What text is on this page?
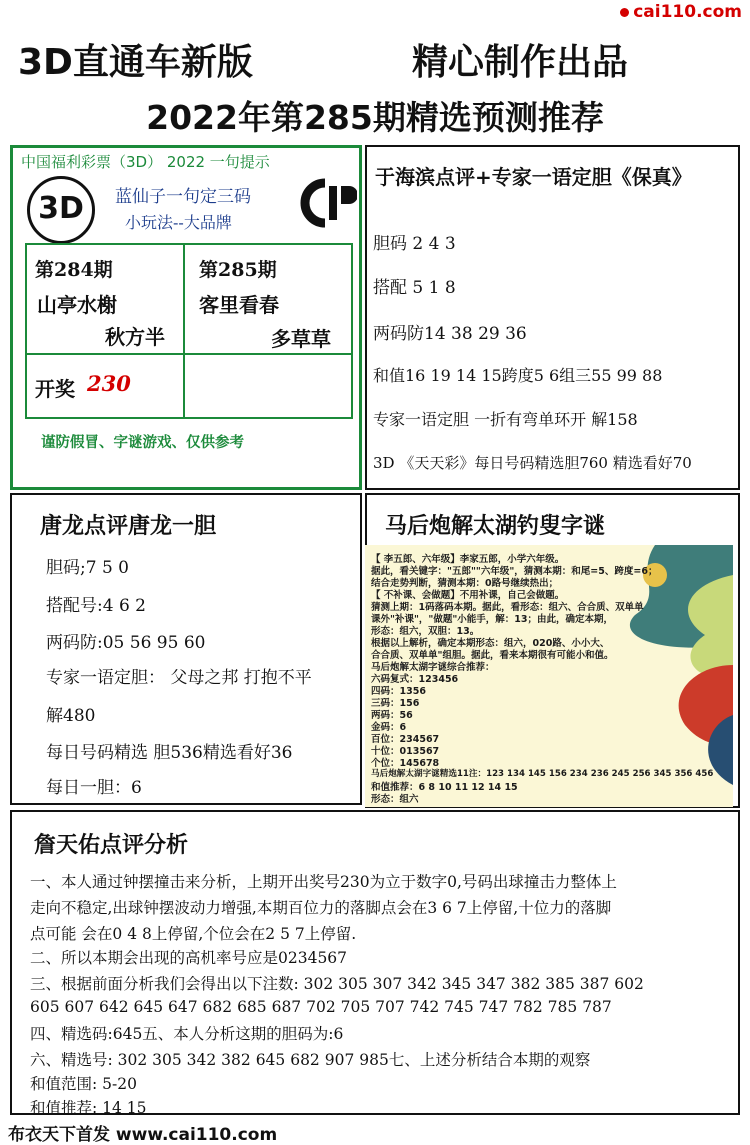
cai110.com
3D直通车新版	精心制作出品
2022年第285期精选预测推荐
中国福利彩票（3D） 2022 一句提示
3D	蓝仙子一句定三码
小玩法--大品牌
第284期
山亭水榭
秋方半
第285期
客里看春
多草草
开奖 230
谨防假冒、字谜游戏、仅供参考
于海滨点评+专家一语定胆《保真》
胆码 2 4 3
搭配 5 1 8
两码防14 38 29 36
和值16 19 14 15跨度5 6组三55 99 88
专家一语定胆 一折有弯单环开 解158
3D 《天天彩》每日号码精选胆760 精选看好70
唐龙点评唐龙一胆
胆码;7 5 0
搭配号:4 6 2
两码防:05 56 95 60
专家一语定胆： 父母之邦 打抱不平
解480
每日号码精选 胆536精选看好36
每日一胆：6
马后炮解太湖钓叟字谜
【 李五郎、六年级】李家五郎，小学六年级。
据此，看关键字："五郎""六年级"，猜测本期：和尾=5、跨度=6；
结合走势判断，猜测本期：0路号继续热出；
【 不补课、会做题】不用补课，自己会做题。
猜测上期：1码落码本期。据此，看形态：组六、合合质、双单单
课外"补课"，"做题"小能手，解：13；由此，确定本期，
形态：组六，双胆：13。
根据以上解析，确定本期形态：组六，020路、小小大、
合合质、双单单"组胆。据此，看来本期很有可能小和值。
马后炮解太湖字谜综合推荐：
六码复式：123456
四码：1356
三码：156
两码：56
金码：6
百位：234567
十位：013567
个位：145678
马后炮解太湖字谜精选11注：123 134 145 156 234 236 245 256 345 356 456
和值推荐：6 8 10 11 12 14 15
形态：组六
詹天佑点评分析
一、本人通过钟摆撞击来分析，上期开出奖号230为立于数字0,号码出球撞击力整体上
走向不稳定,出球钟摆波动力增强,本期百位力的落脚点会在3 6 7上停留,十位力的落脚
点可能 会在0 4 8上停留,个位会在2 5 7上停留.
二、所以本期会出现的高机率号应是0234567
三、根据前面分析我们会得出以下注数: 302 305 307 342 345 347 382 385 387 602
605 607 642 645 647 682 685 687 702 705 707 742 745 747 782 785 787
四、精选码:645五、本人分析这期的胆码为:6
六、精选号: 302 305 342 382 645 682 907 985七、上述分析结合本期的观察
和值范围: 5-20
和值推荐: 14 15
布衣天下首发 www.cai110.com
